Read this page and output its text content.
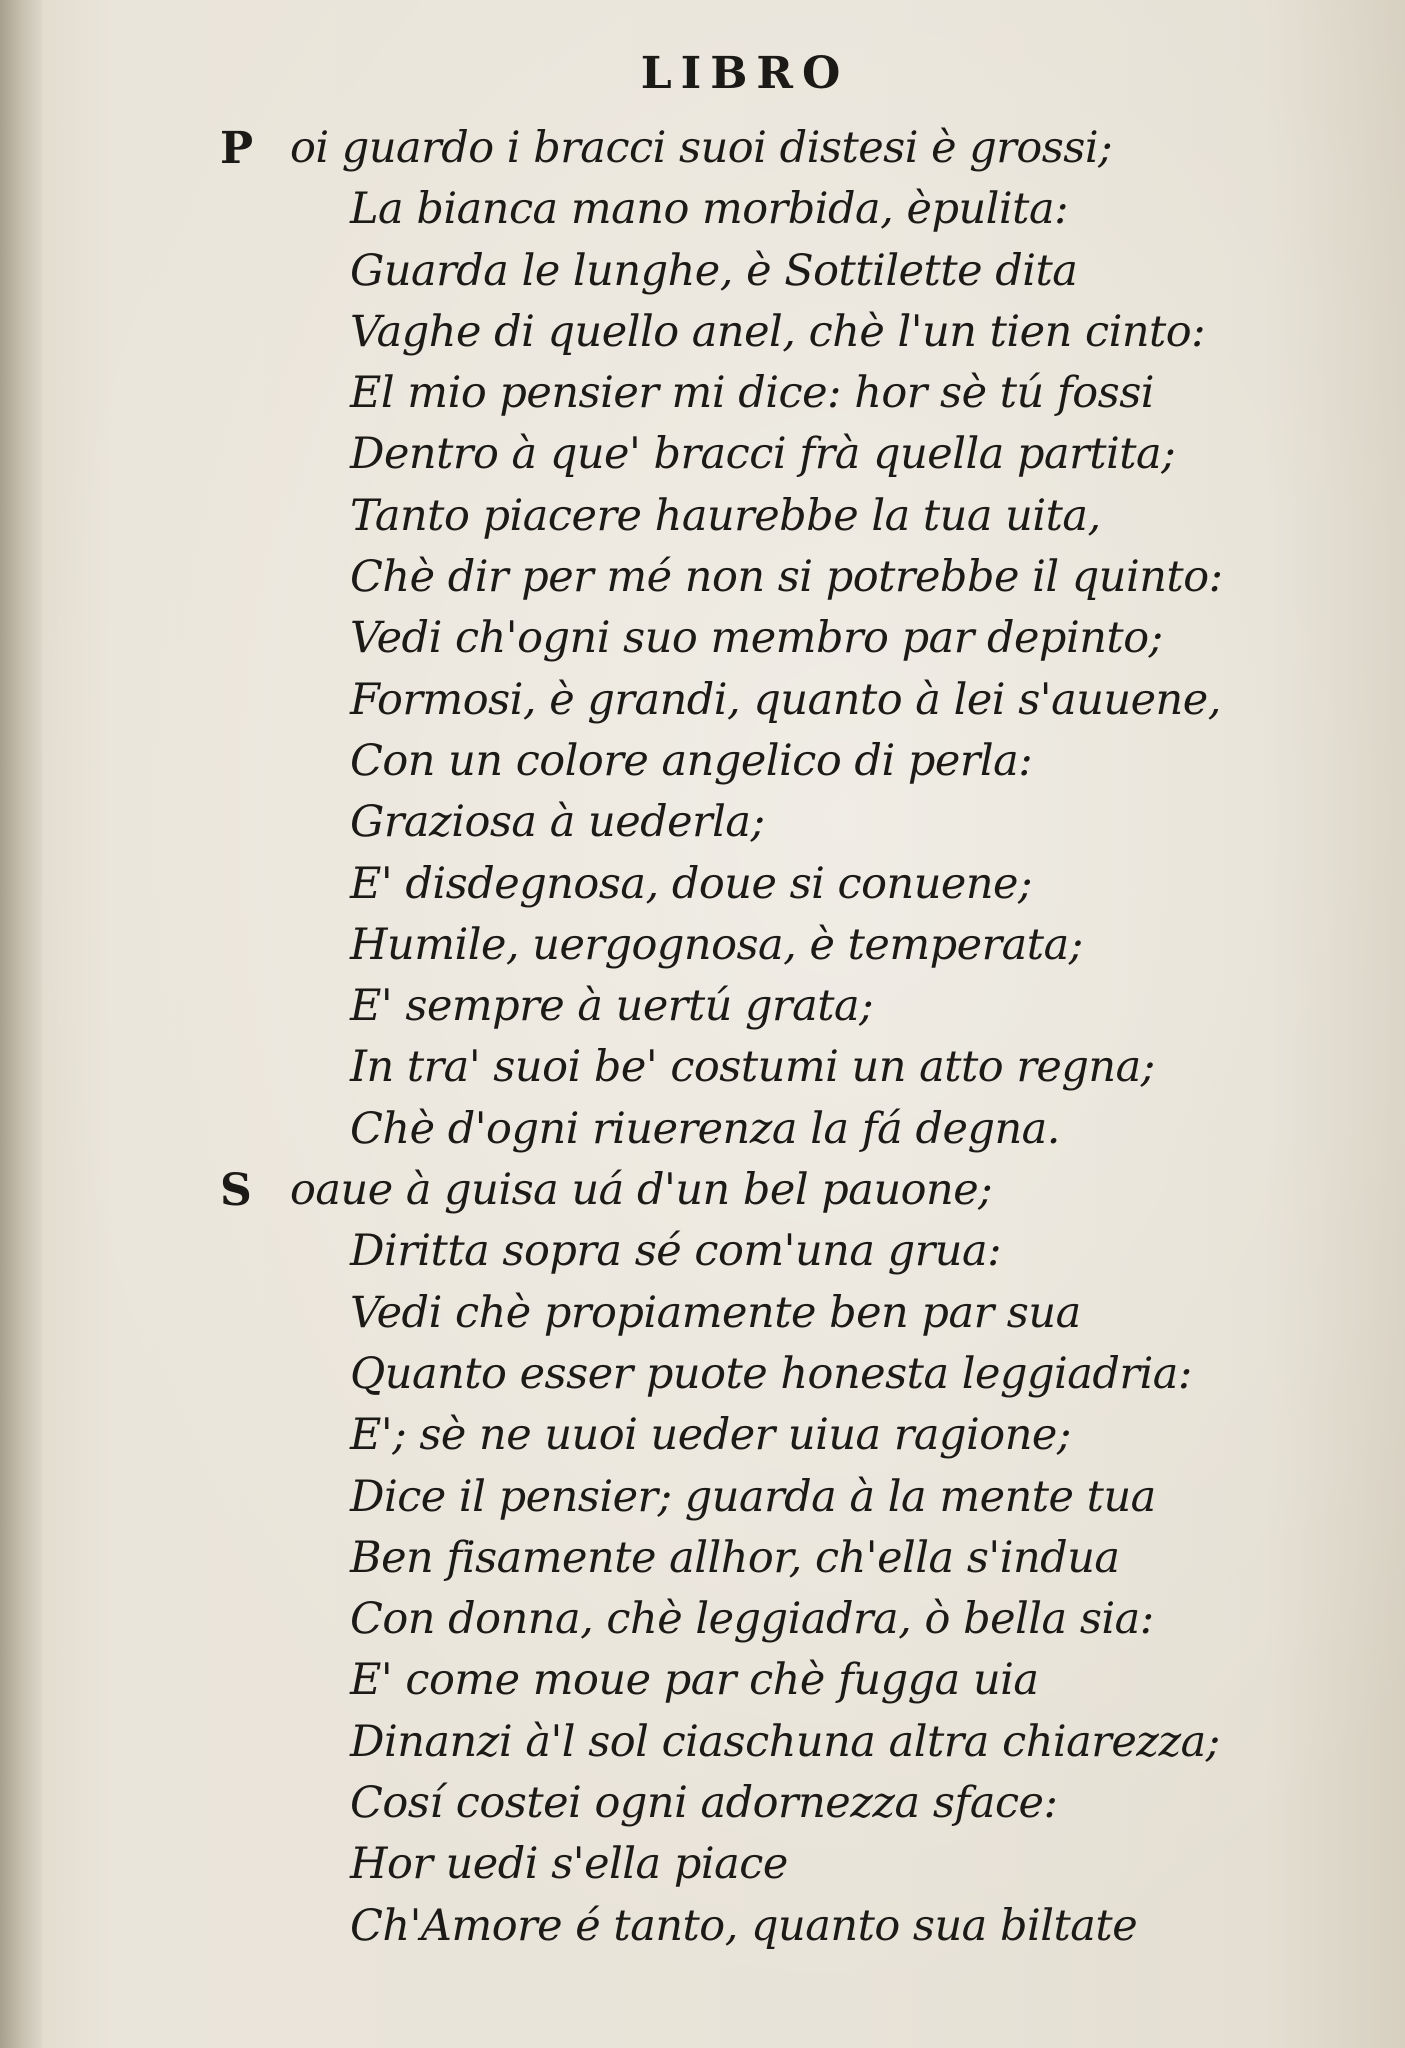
LIBRO
P oi guardo i bracci suoi distesi è grossi;
La bianca mano morbida, èpulita:
Guarda le lunghe, è Sottilette dita
Vaghe di quello anel, chè l'un tien cinto:
El mio pensier mi dice: hor sè tú fossi
Dentro à que' bracci frà quella partita;
Tanto piacere haurebbe la tua uita,
Chè dir per mé non si potrebbe il quinto:
Vedi ch'ogni suo membro par depinto;
Formosi, è grandi, quanto à lei s'auuene,
Con un colore angelico di perla:
Graziosa à uederla;
E' disdegnosa, doue si conuene;
Humile, uergognosa, è temperata;
E' sempre à uertú grata;
In tra' suoi be' costumi un atto regna;
Chè d'ogni riuerenza la fá degna.
S oaue à guisa uá d'un bel pauone;
Diritta sopra sé com'una grua:
Vedi chè propiamente ben par sua
Quanto esser puote honesta leggiadria:
E'; sè ne uuoi ueder uiua ragione;
Dice il pensier; guarda à la mente tua
Ben fisamente allhor, ch'ella s'indua
Con donna, chè leggiadra, ò bella sia:
E' come moue par chè fugga uia
Dinanzi à'l sol ciaschuna altra chiarezza;
Cosí costei ogni adornezza sface:
Hor uedi s'ella piace
Ch'Amore é tanto, quanto sua biltate
